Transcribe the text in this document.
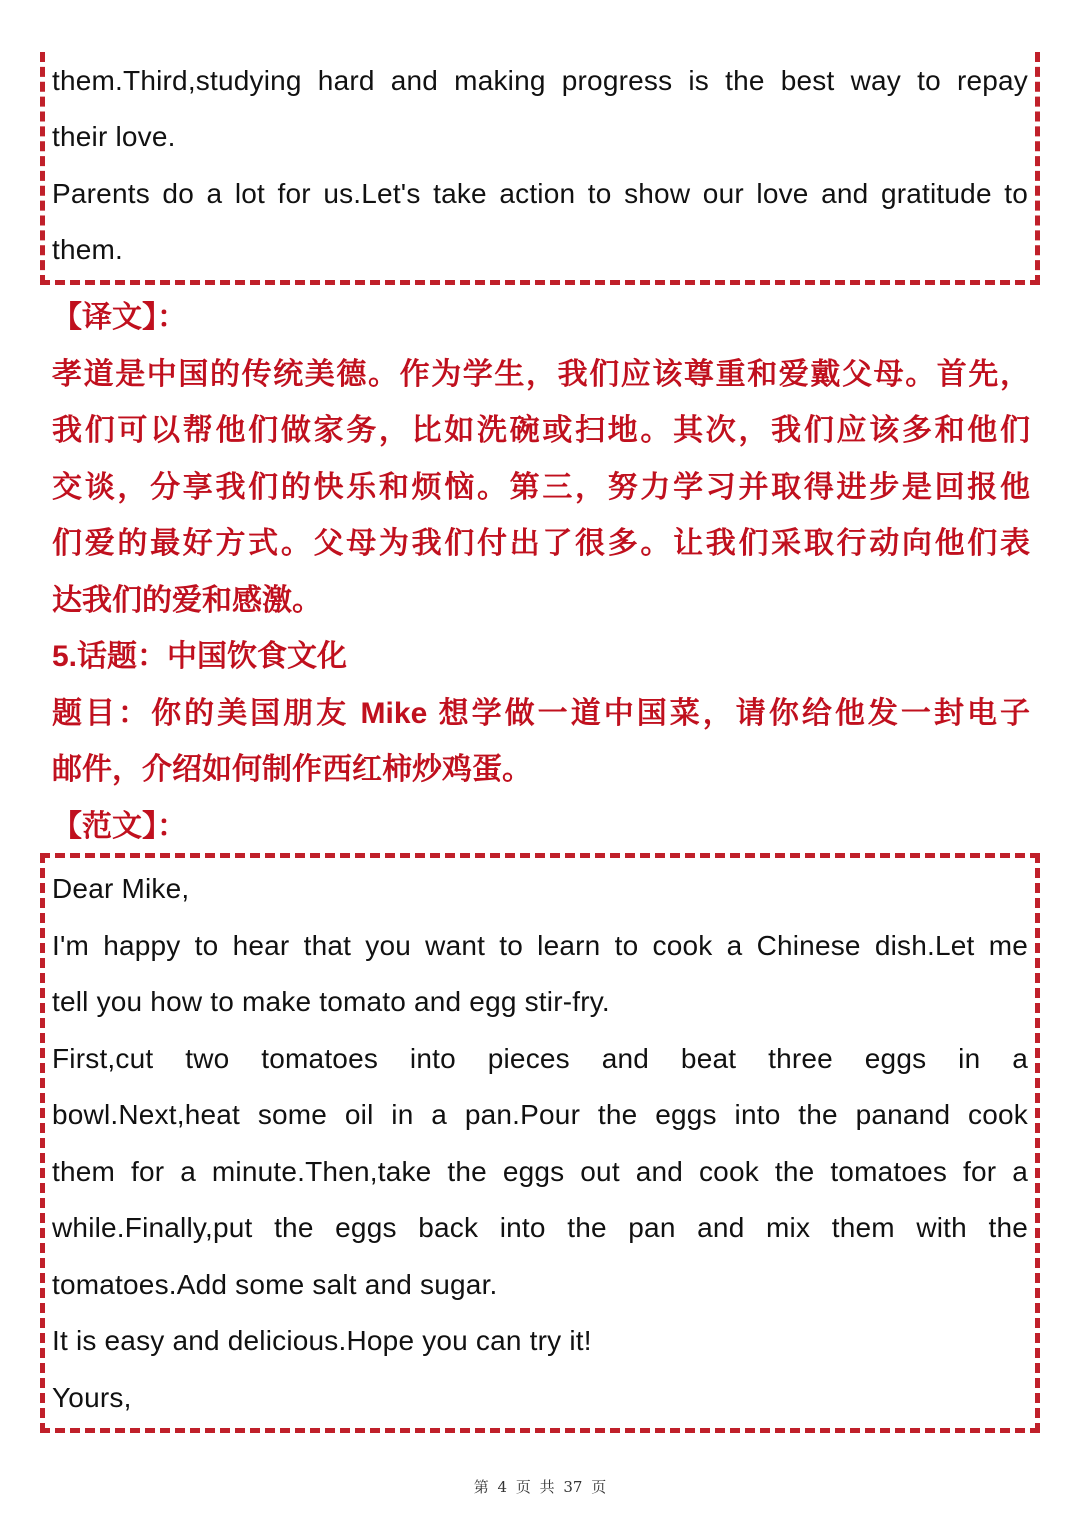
them.Third,studying hard and making progress is the best way to repay
their love.
Parents do a lot for us.Let's take action to show our love and gratitude to
them.
【译文】：
孝道是中国的传统美德。作为学生，我们应该尊重和爱戴父母。首先，
我们可以帮他们做家务，比如洗碗或扫地。其次，我们应该多和他们
交谈，分享我们的快乐和烦恼。第三，努力学习并取得进步是回报他
们爱的最好方式。父母为我们付出了很多。让我们采取行动向他们表
达我们的爱和感激。
5.话题：中国饮食文化
题目：你的美国朋友 Mike 想学做一道中国菜，请你给他发一封电子
邮件，介绍如何制作西红柿炒鸡蛋。
【范文】：
Dear Mike,
I'm happy to hear that you want to learn to cook a Chinese dish.Let me
tell you how to make tomato and egg stir-fry.
First,cut two tomatoes into pieces and beat three eggs in a
bowl.Next,heat some oil in a pan.Pour the eggs into the panand cook
them for a minute.Then,take the eggs out and cook the tomatoes for a
while.Finally,put the eggs back into the pan and mix them with the
tomatoes.Add some salt and sugar.
It is easy and delicious.Hope you can try it!
Yours,
第 4 页 共 37 页
